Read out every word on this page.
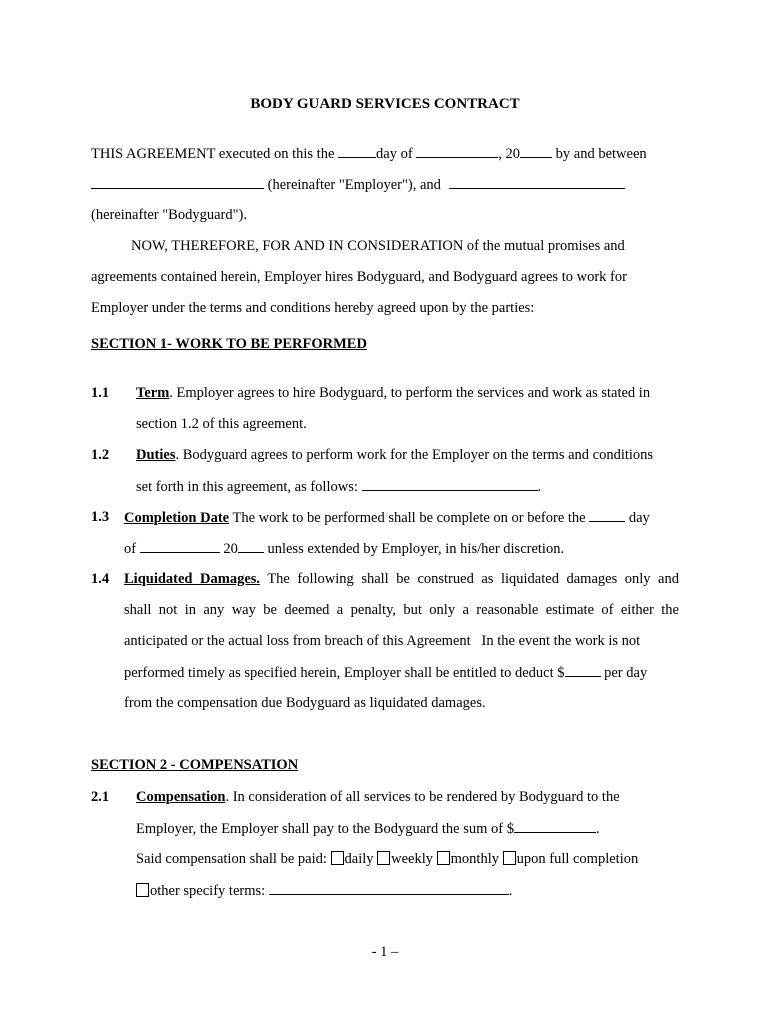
BODY GUARD SERVICES CONTRACT
THIS AGREEMENT executed on this the	day of	, 20 by and between
(hereinafter "Employer"), and
(hereinafter "Bodyguard").
NOW, THEREFORE, FOR AND IN CONSIDERATION of the mutual promises and
agreements contained herein, Employer hires Bodyguard, and Bodyguard agrees to work for
Employer under the terms and conditions hereby agreed upon by the parties:
SECTION 1- WORK TO BE PERFORMED
1.1 Term. Employer agrees to hire Bodyguard, to perform the services and work as stated in
section 1.2 of this agreement.
1.2 Duties. Bodyguard agrees to perform work for the Employer on the terms and conditions
set forth in this agreement, as follows:	.
1.3 Completion Date The work to be performed shall be complete on or before the	day
of	20 unless extended by Employer, in his/her discretion.
1.4 Liquidated Damages. The following shall be construed as liquidated damages only and
shall not in any way be deemed a penalty, but only a reasonable estimate of either the
anticipated or the actual loss from breach of this Agreement   In the event the work is not
performed timely as specified herein, Employer shall be entitled to deduct $	per day
from the compensation due Bodyguard as liquidated damages.
SECTION 2 - COMPENSATION
2.1 Compensation. In consideration of all services to be rendered by Bodyguard to the
Employer, the Employer shall pay to the Bodyguard the sum of $	.
Said compensation shall be paid: daily weekly monthly upon full completion
other specify terms:	.
- 1 –
